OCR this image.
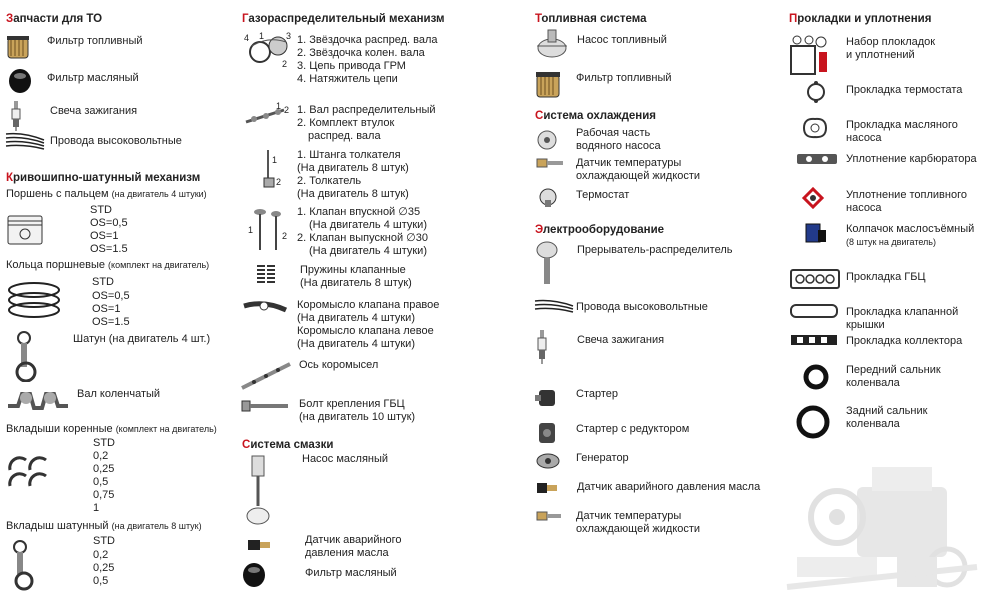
Запчасти для ТО
Фильтр топливный
Фильтр масляный
Свеча зажигания
Провода высоковольтные
Кривошипно-шатунный механизм
Поршень с пальцем (на двигатель 4 штуки)
STD
OS=0,5
OS=1
OS=1.5
Кольца поршневые (комплект на двигатель)
STD
OS=0,5
OS=1
OS=1.5
Шатун (на двигатель 4 шт.)
Вал коленчатый
Вкладыши коренные (комплект на двигатель)
STD
0,2
0,25
0,5
0,75
1
Вкладыш шатунный (на двигатель 8 штук)
STD
0,2
0,25
0,5
Газораспределительный механизм
4 1 3
2
1. Звёздочка распред. вала
2. Звёздочка колен. вала
3. Цепь привода ГРМ
4. Натяжитель цепи
1 2 1. Вал распределительный
2. Комплект втулок
распред. вала
1
2
1. Штанга толкателя
(На двигатель 8 штук)
2. Толкатель
(На двигатель 8 штук)
1
2
1. Клапан впускной ∅35
(На двигатель 4 штуки)
2. Клапан выпускной ∅30
(На двигатель 4 штуки)
Пружины клапанные
(На двигатель 8 штук)
Коромысло клапана правое
(На двигатель 4 штуки)
Коромысло клапана левое
(На двигатель 4 штуки)
Ось коромысел
Болт крепления ГБЦ
(на двигатель 10 штук)
Система смазки
Насос масляный
Датчик аварийного
давления масла
Фильтр масляный
Топливная система
Насос топливный
Фильтр топливный
Система охлаждения
Рабочая часть
водяного насоса
Датчик температуры
охлаждающей жидкости
Термостат
Электрооборудование
Прерыватель-распределитель
Провода высоковольтные
Свеча зажигания
Стартер
Стартер с редуктором
Генератор
Датчик аварийного давления масла
Датчик температуры
охлаждающей жидкости
Прокладки и уплотнения
Набор плокладок
и уплотнений
Прокладка термостата
Прокладка масляного
насоса
Уплотнение карбюратора
Уплотнение топливного
насоса
Колпачок маслосъёмный
(8 штук на двигатель)
Прокладка ГБЦ
Прокладка клапанной
крышки
Прокладка коллектора
Передний сальник
коленвала
Задний сальник
коленвала
